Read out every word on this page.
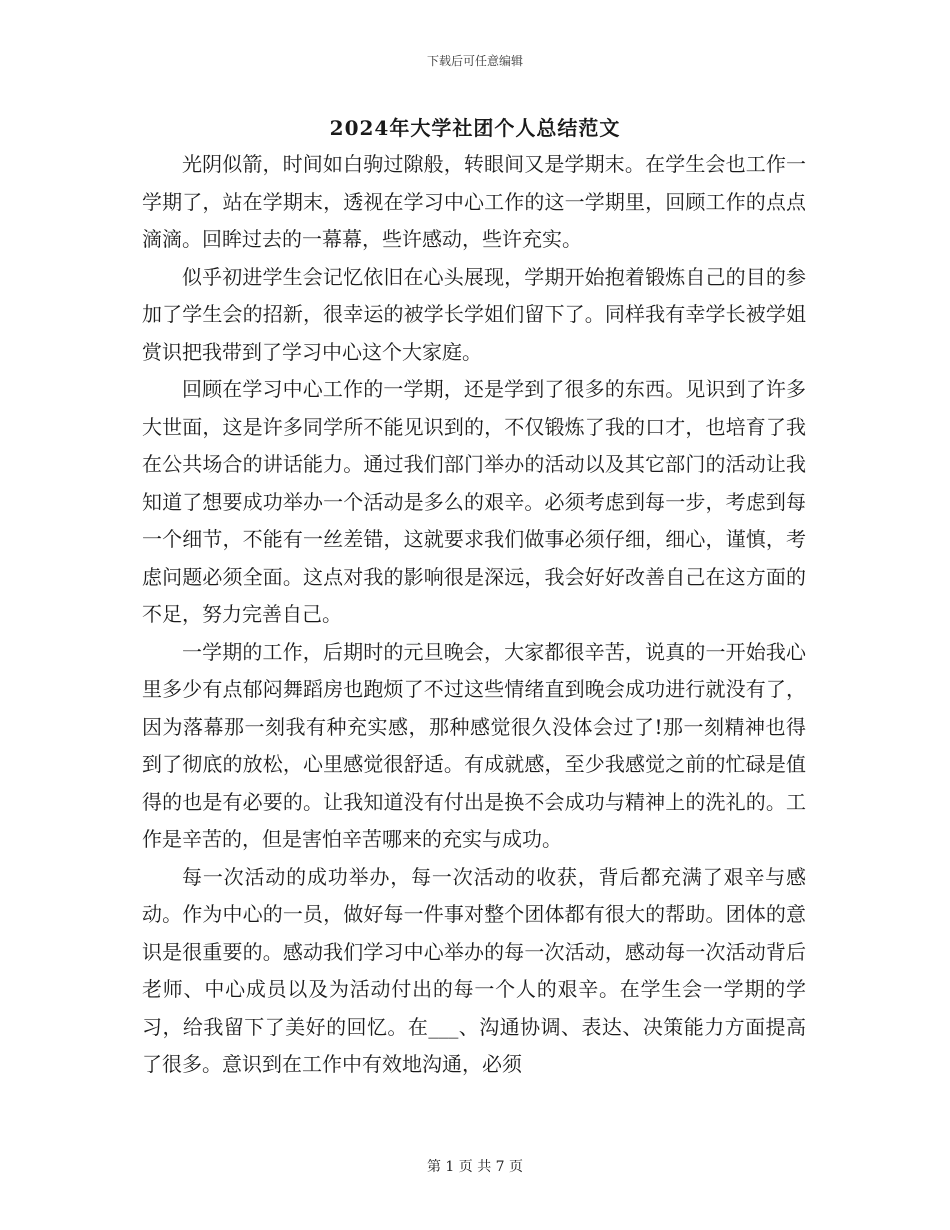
下载后可任意编辑
2024年大学社团个人总结范文

光阴似箭，时间如白驹过隙般，转眼间又是学期末。在学生会也工作一学期了，站在学期末，透视在学习中心工作的这一学期里，回顾工作的点点滴滴。回眸过去的一幕幕，些许感动，些许充实。

似乎初进学生会记忆依旧在心头展现，学期开始抱着锻炼自己的目的参加了学生会的招新，很幸运的被学长学姐们留下了。同样我有幸学长被学姐赏识把我带到了学习中心这个大家庭。

回顾在学习中心工作的一学期，还是学到了很多的东西。见识到了许多大世面，这是许多同学所不能见识到的，不仅锻炼了我的口才，也培育了我在公共场合的讲话能力。通过我们部门举办的活动以及其它部门的活动让我知道了想要成功举办一个活动是多么的艰辛。必须考虑到每一步，考虑到每一个细节，不能有一丝差错，这就要求我们做事必须仔细，细心，谨慎，考虑问题必须全面。这点对我的影响很是深远，我会好好改善自己在这方面的不足，努力完善自己。

一学期的工作，后期时的元旦晚会，大家都很辛苦，说真的一开始我心里多少有点郁闷舞蹈房也跑烦了不过这些情绪直到晚会成功进行就没有了，因为落幕那一刻我有种充实感，那种感觉很久没体会过了!那一刻精神也得到了彻底的放松，心里感觉很舒适。有成就感，至少我感觉之前的忙碌是值得的也是有必要的。让我知道没有付出是换不会成功与精神上的洗礼的。工作是辛苦的，但是害怕辛苦哪来的充实与成功。

每一次活动的成功举办，每一次活动的收获，背后都充满了艰辛与感动。作为中心的一员，做好每一件事对整个团体都有很大的帮助。团体的意识是很重要的。感动我们学习中心举办的每一次活动，感动每一次活动背后老师、中心成员以及为活动付出的每一个人的艰辛。在学生会一学期的学习，给我留下了美好的回忆。在___、沟通协调、表达、决策能力方面提高了很多。意识到在工作中有效地沟通，必须

第 1 页 共 7 页
